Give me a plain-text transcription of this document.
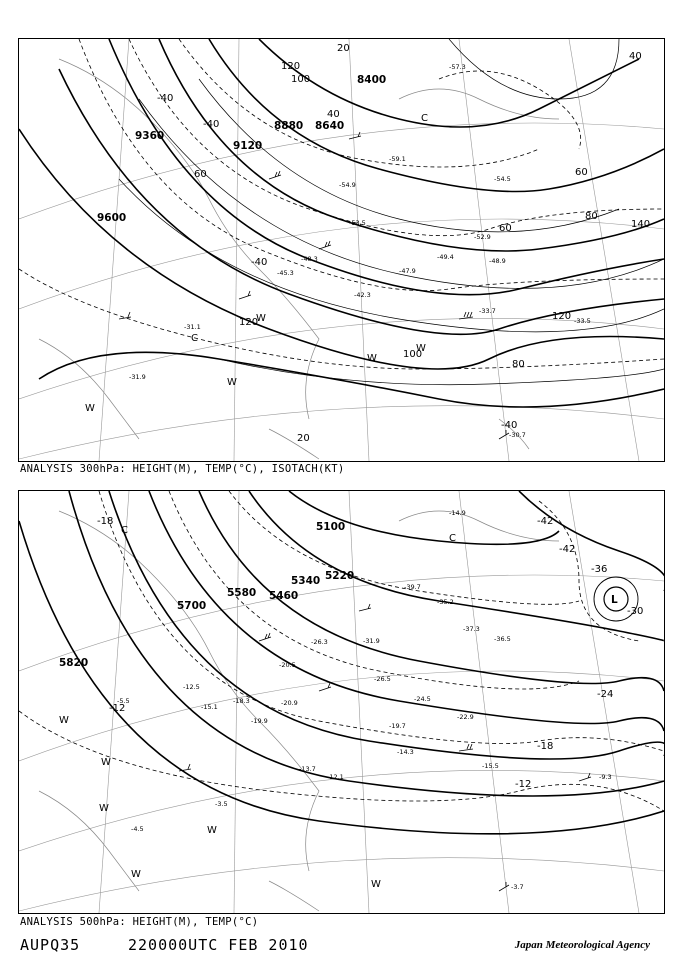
8400
8640
8880
9120
9360
9600
-40
-40
-40
-40
20
20
40
40
60
60
60
80
80
100
100
120
120
120
140
-57.3
-59.1
-54.9
-54.5
-53.5
-52.9
-47.9
-42.3
-33.7
-31.1
-31.9
-30.7
-48.9
-49.4
-48.3
-45.3
-33.5
C
C
W
W
W
W
W
ANALYSIS 300hPa: HEIGHT(M), TEMP(°C), ISOTACH(KT)
5100
5220
5340
5460
5580
5700
5820
-42
-42
-36
-30
-24
-18
-18
-12
-12
L
-14.9
-39.7
-35.2
-37.3
-36.5
-31.9
-26.5
-24.5
-22.9
-19.7
-19.9
-15.5
-14.3
-13.7
-12.1	-9.3
-3.7
-4.5
-3.5
-20.5
-26.3
-20.9
-18.3
-15.1
-12.5
-5.5
C
C
W
W
W
W
W
W
ANALYSIS 500hPa: HEIGHT(M), TEMP(°C)
AUPQ35	220000UTC FEB 2010	Japan Meteorological Agency
